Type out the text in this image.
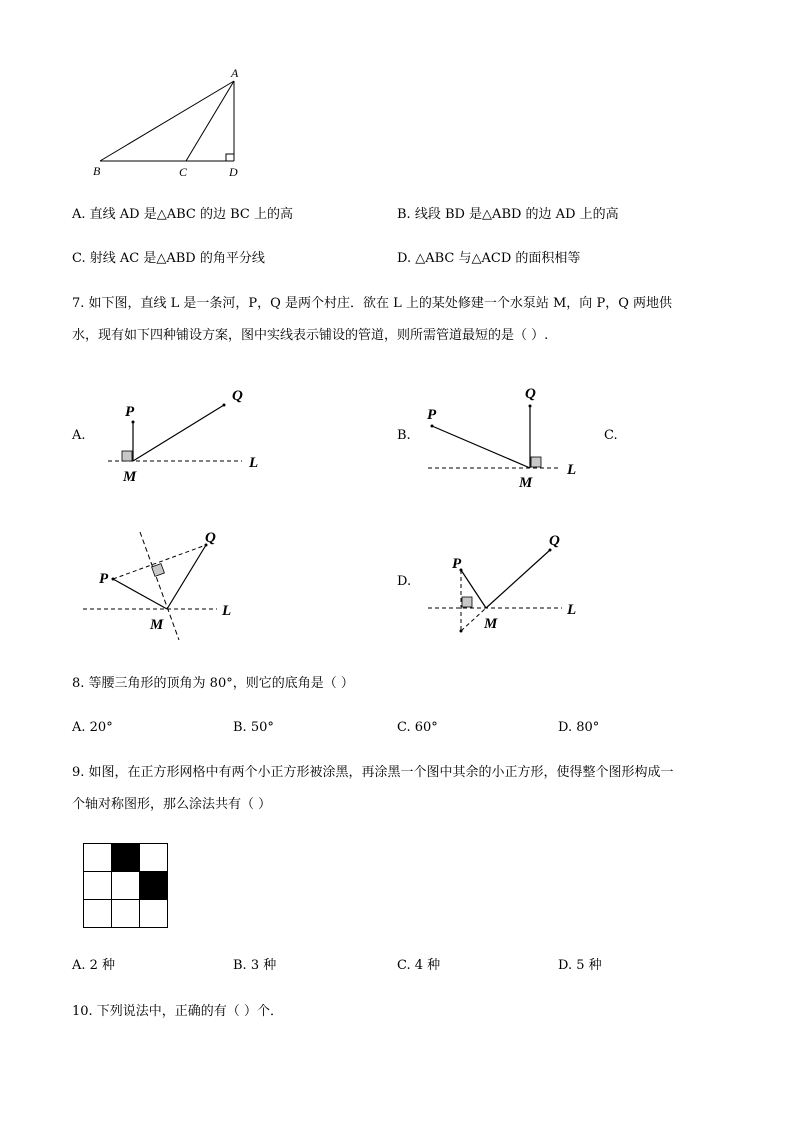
A
B	C	D
A. 直线 AD 是△ABC 的边 BC 上的高	B. 线段 BD 是△ABD 的边 AD 上的高
C. 射线 AC 是△ABD 的角平分线	D. △ABC 与△ACD 的面积相等
7. 如下图，直线 L 是一条河，P，Q 是两个村庄．欲在 L 上的某处修建一个水泵站 M，向 P，Q 两地供
水，现有如下四种铺设方案，图中实线表示铺设的管道，则所需管道最短的是（ ）.
A.	B.	C.
D.
P
Q
M
L
P
Q
M
L
P
Q
M
L
P
Q
M
L
8. 等腰三角形的顶角为 80°，则它的底角是（ ）
A. 20°	B. 50°	C. 60°	D. 80°
9. 如图，在正方形网格中有两个小正方形被涂黑，再涂黑一个图中其余的小正方形，使得整个图形构成一
个轴对称图形，那么涂法共有（ ）
A. 2 种	B. 3 种	C. 4 种	D. 5 种
10. 下列说法中，正确的有（ ）个．
